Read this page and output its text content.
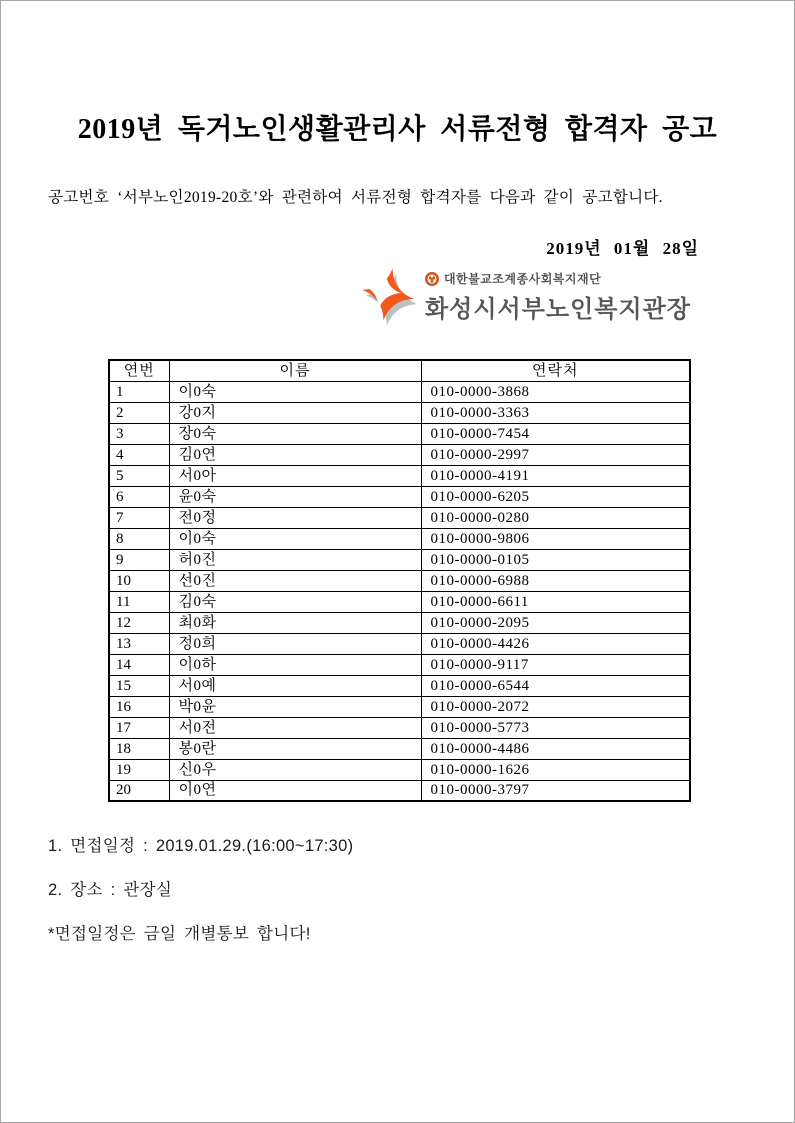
2019년 독거노인생활관리사 서류전형 합격자 공고

공고번호 ‘서부노인2019-20호’와 관련하여 서류전형 합격자를 다음과 같이 공고합니다.

2019년 01월 28일

대한불교조계종사회복지재단
화성시서부노인복지관장
연번	이름	연락처
1	이0숙	010-0000-3868
2	강0지	010-0000-3363
3	장0숙	010-0000-7454
4	김0연	010-0000-2997
5	서0아	010-0000-4191
6	윤0숙	010-0000-6205
7	전0정	010-0000-0280
8	이0숙	010-0000-9806
9	허0진	010-0000-0105
10	선0진	010-0000-6988
11	김0숙	010-0000-6611
12	최0화	010-0000-2095
13	정0희	010-0000-4426
14	이0하	010-0000-9117
15	서0예	010-0000-6544
16	박0윤	010-0000-2072
17	서0전	010-0000-5773
18	봉0란	010-0000-4486
19	신0우	010-0000-1626
20	이0연	010-0000-3797

1. 면접일정 : 2019.01.29.(16:00~17:30)

2. 장소 : 관장실

*면접일정은 금일 개별통보 합니다!
